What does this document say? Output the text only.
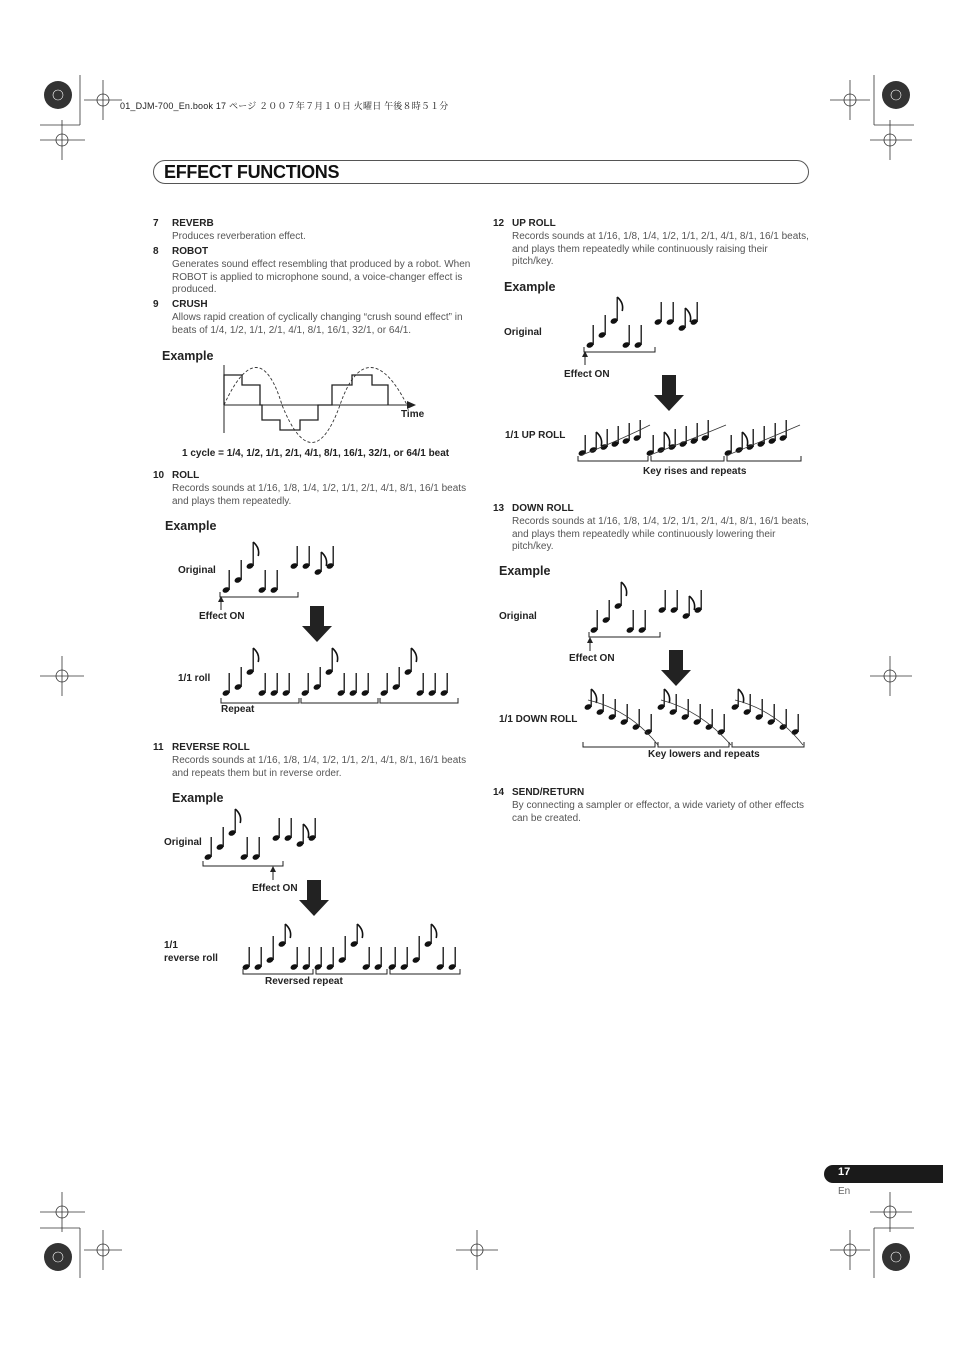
01_DJM-700_En.book 17 ページ ２００７年７月１０日 火曜日 午後８時５１分
EFFECT FUNCTIONS
7 REVERB
Produces reverberation effect.
8 ROBOT
Generates sound effect resembling that produced by a robot. When ROBOT is applied to microphone sound, a voice-changer effect is produced.
9 CRUSH
Allows rapid creation of cyclically changing “crush sound effect” in beats of 1/4, 1/2, 1/1, 2/1, 4/1, 8/1, 16/1, 32/1, or 64/1.
Example
Time
1 cycle = 1/4, 1/2, 1/1, 2/1, 4/1, 8/1, 16/1, 32/1, or 64/1 beat
10 ROLL
Records sounds at 1/16, 1/8, 1/4, 1/2, 1/1, 2/1, 4/1, 8/1, 16/1 beats and plays them repeatedly.
Example
Original
Effect ON
1/1 roll
Repeat
11 REVERSE ROLL
Records sounds at 1/16, 1/8, 1/4, 1/2, 1/1, 2/1, 4/1, 8/1, 16/1 beats and repeats them but in reverse order.
Example
Original
Effect ON
1/1
reverse roll
Reversed repeat
12 UP ROLL
Records sounds at 1/16, 1/8, 1/4, 1/2, 1/1, 2/1, 4/1, 8/1, 16/1 beats, and plays them repeatedly while continuously raising their pitch/key.
Example
Original
Effect ON
1/1 UP ROLL
Key rises and repeats
13 DOWN ROLL
Records sounds at 1/16, 1/8, 1/4, 1/2, 1/1, 2/1, 4/1, 8/1, 16/1 beats, and plays them repeatedly while continuously lowering their pitch/key.
Example
Original
Effect ON
1/1 DOWN ROLL
Key lowers and repeats
14 SEND/RETURN
By connecting a sampler or effector, a wide variety of other effects can be created.
17
En
